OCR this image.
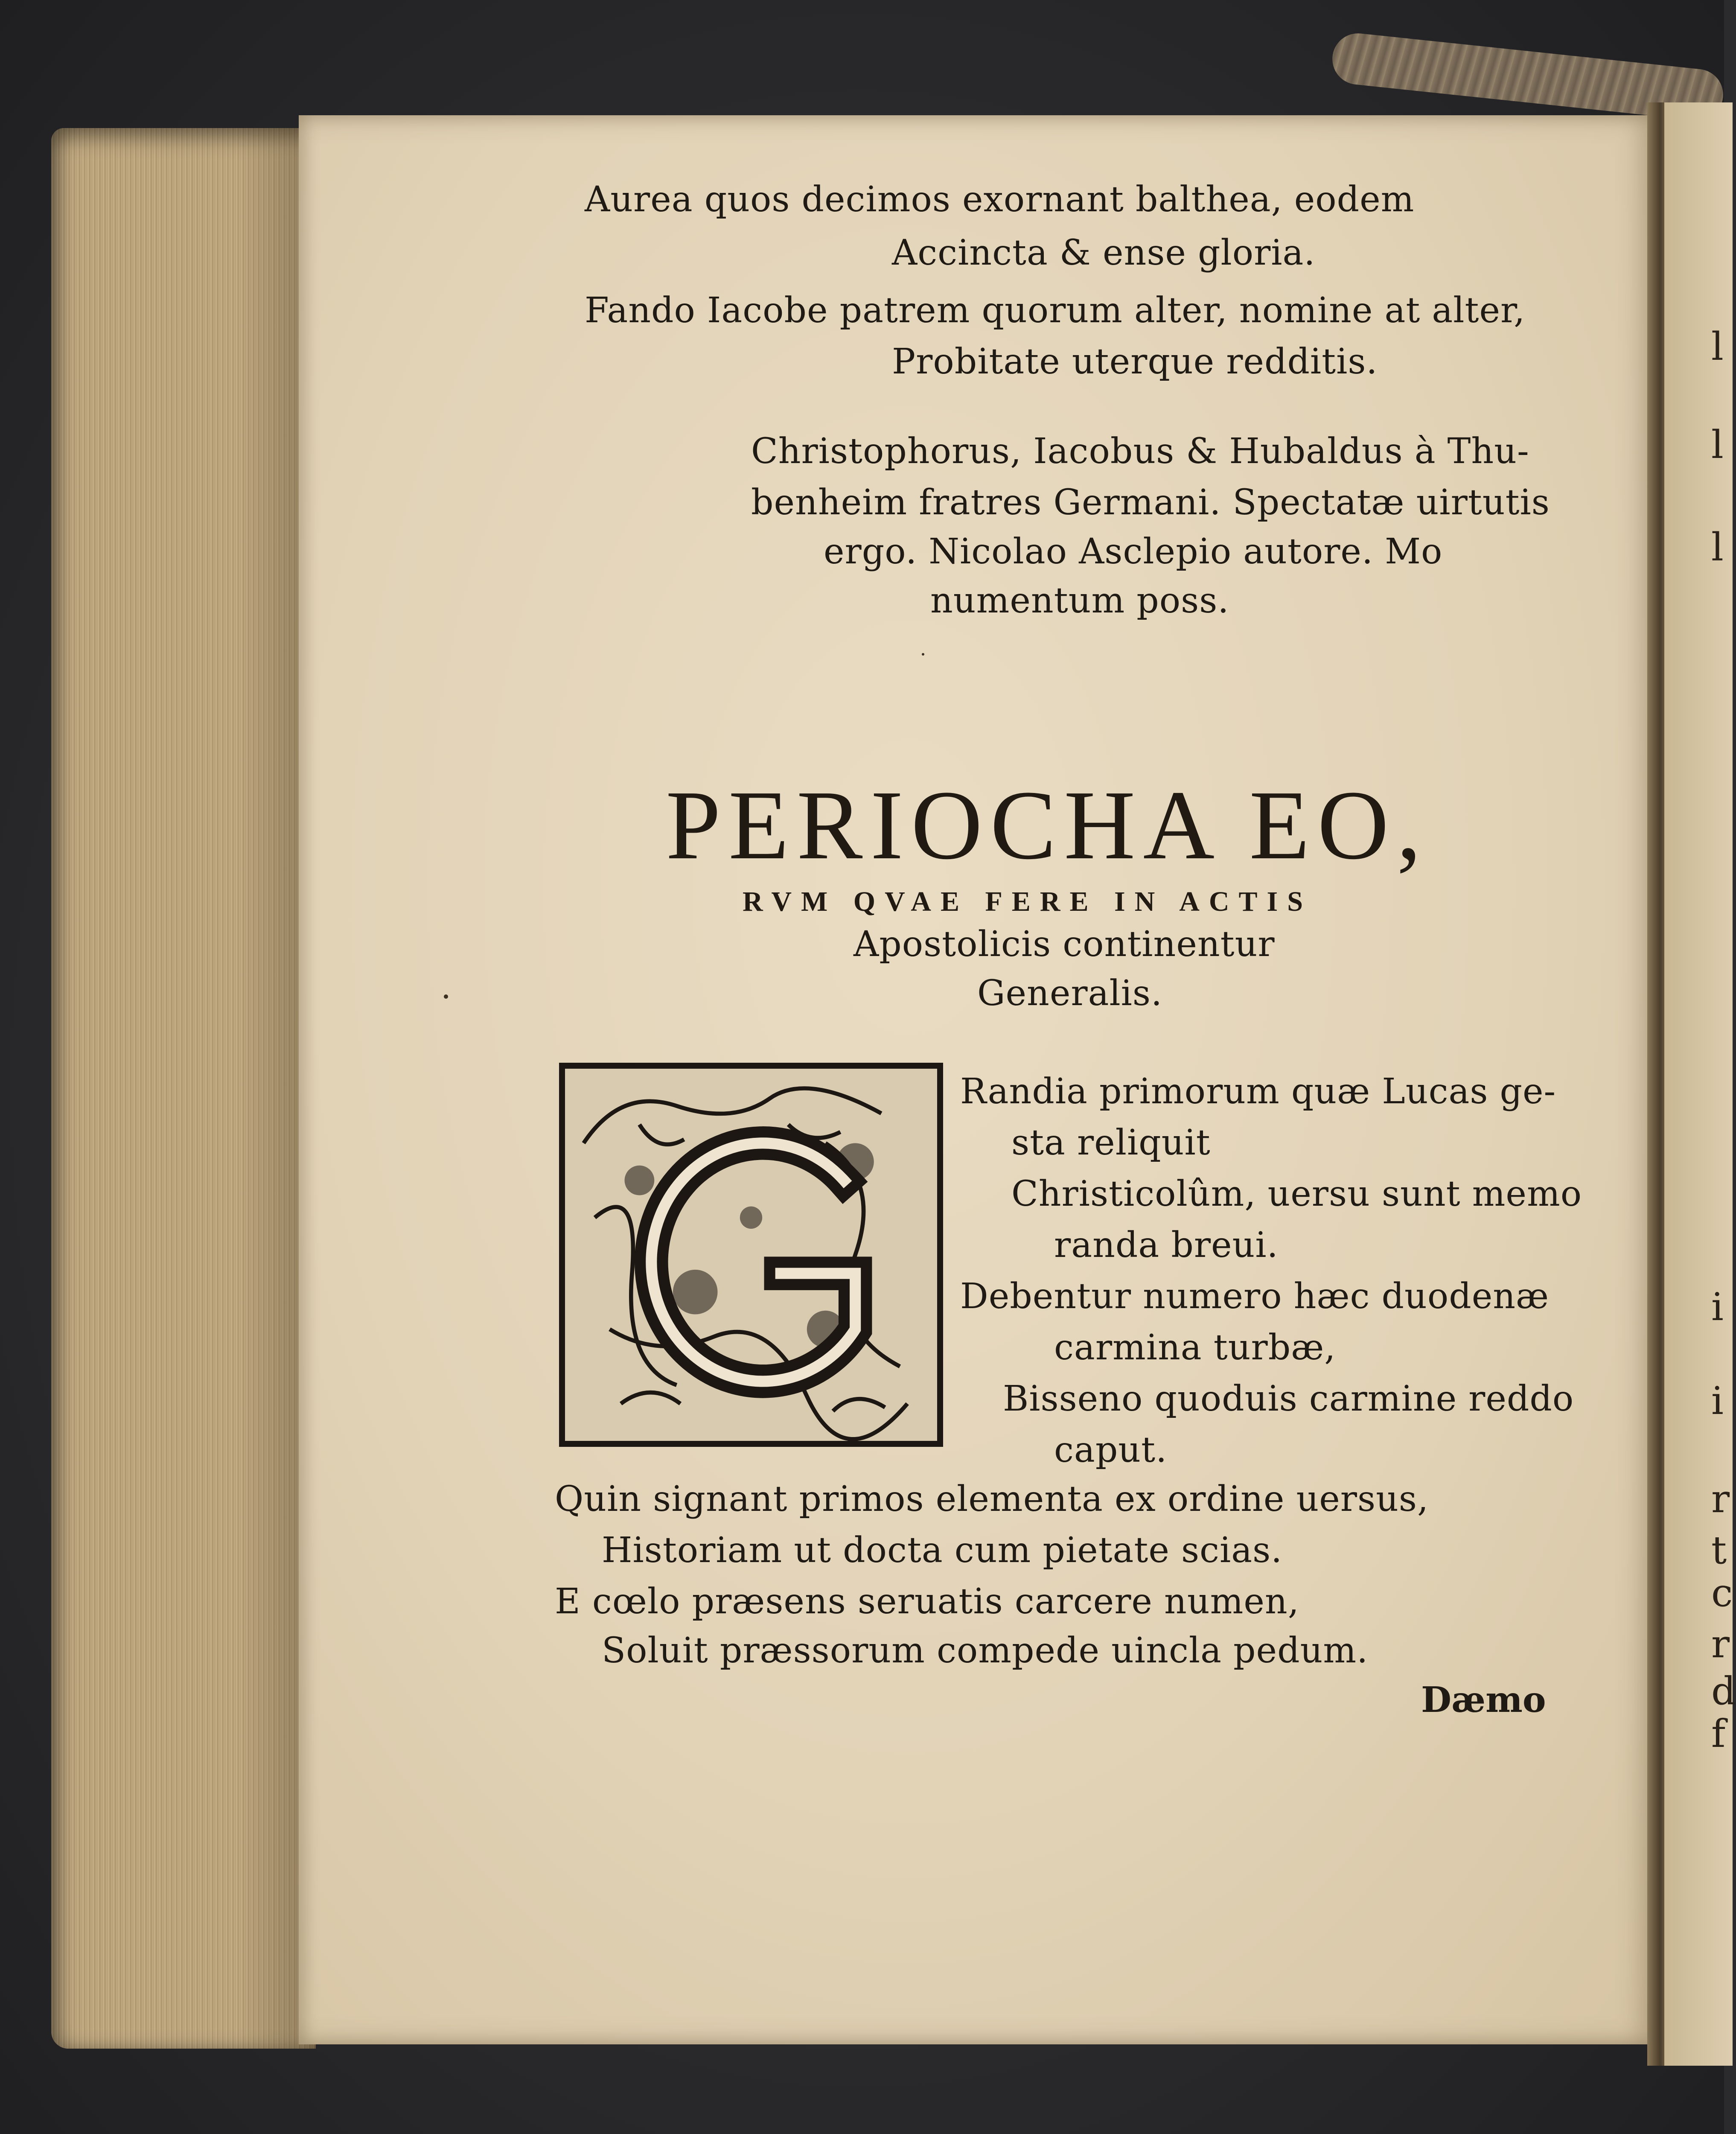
l
l
l
i
i
r
t
c
r
d
f
Aurea quos decimos exornant balthea, eodem
Accincta & ense gloria.
Fando Iacobe patrem quorum alter, nomine at alter,
Probitate uterque redditis.
Christophorus, Iacobus & Hubaldus à Thu-
benheim fratres Germani. Spectatæ uirtutis
ergo. Nicolao Asclepio autore. Mo
numentum poss.
PERIOCHA EO,
RVM QVAE FERE IN ACTIS
Apostolicis continentur
Generalis.
Randia primorum quæ Lucas ge-
sta reliquit
Christicolûm, uersu sunt memo
randa breui.
Debentur numero hæc duodenæ
carmina turbæ,
Bisseno quoduis carmine reddo
caput.
Quin signant primos elementa ex ordine uersus,
Historiam ut docta cum pietate scias.
E cœlo præsens seruatis carcere numen,
Soluit præssorum compede uincla pedum.
Dæmo
